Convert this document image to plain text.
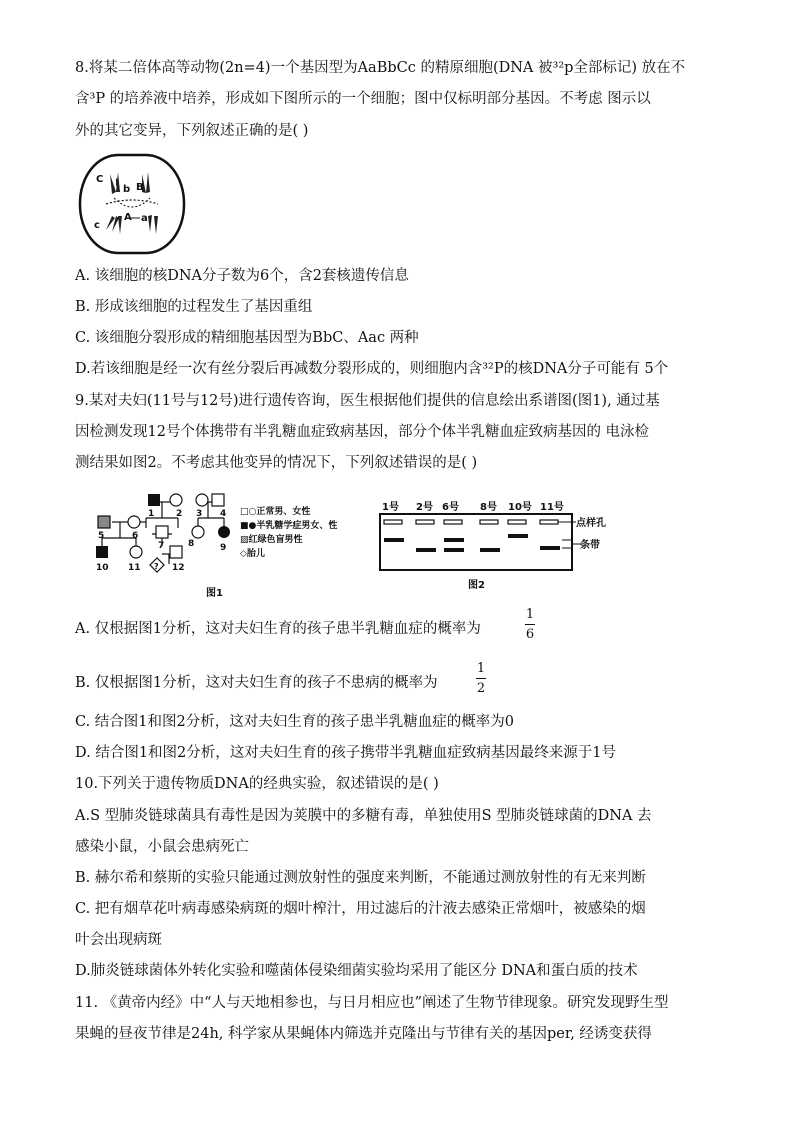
8.将某二倍体高等动物(2n=4)一个基因型为AaBbCc 的精原细胞(DNA 被³²p全部标记) 放在不
含³P 的培养液中培养，形成如下图所示的一个细胞；图中仅标明部分基因。不考虑 图示以
外的其它变异，下列叙述正确的是( )
C
b B
A a
c
A. 该细胞的核DNA分子数为6个，含2套核遗传信息
B. 形成该细胞的过程发生了基因重组
C. 该细胞分裂形成的精细胞基因型为BbC、Aac 两种
D.若该细胞是经一次有丝分裂后再减数分裂形成的，则细胞内含³²P的核DNA分子可能有 5个
9.某对夫妇(11号与12号)进行遗传咨询，医生根据他们提供的信息绘出系谱图(图1), 通过基
因检测发现12号个体携带有半乳糖血症致病基因，部分个体半乳糖血症致病基因的 电泳检
测结果如图2。不考虑其他变异的情况下，下列叙述错误的是( )
1 2 3 4
5	6
7	8	9
10 11	12
?
□○正常男、女性
■●半乳糖学症男女、性
▨红绿色盲男性
◇胎儿
图1
1号 2号 6号 8号 10号 11号
点样孔
条带
图2
A. 仅根据图1分析，这对夫妇生育的孩子患半乳糖血症的概率为
1
6
B. 仅根据图1分析，这对夫妇生育的孩子不患病的概率为
1
2
C. 结合图1和图2分析，这对夫妇生育的孩子患半乳糖血症的概率为0
D. 结合图1和图2分析，这对夫妇生育的孩子携带半乳糖血症致病基因最终来源于1号
10.下列关于遗传物质DNA的经典实验，叙述错误的是( )
A.S 型肺炎链球菌具有毒性是因为荚膜中的多糖有毒，单独使用S 型肺炎链球菌的DNA 去
感染小鼠，小鼠会患病死亡
B. 赫尔希和蔡斯的实验只能通过测放射性的强度来判断，不能通过测放射性的有无来判断
C. 把有烟草花叶病毒感染病斑的烟叶榨汁，用过滤后的汁液去感染正常烟叶，被感染的烟
叶会出现病斑
D.肺炎链球菌体外转化实验和噬菌体侵染细菌实验均采用了能区分 DNA和蛋白质的技术
11. 《黄帝内经》中“人与天地相参也，与日月相应也”阐述了生物节律现象。研究发现野生型
果蝇的昼夜节律是24h, 科学家从果蝇体内筛选并克隆出与节律有关的基因per, 经诱变获得
